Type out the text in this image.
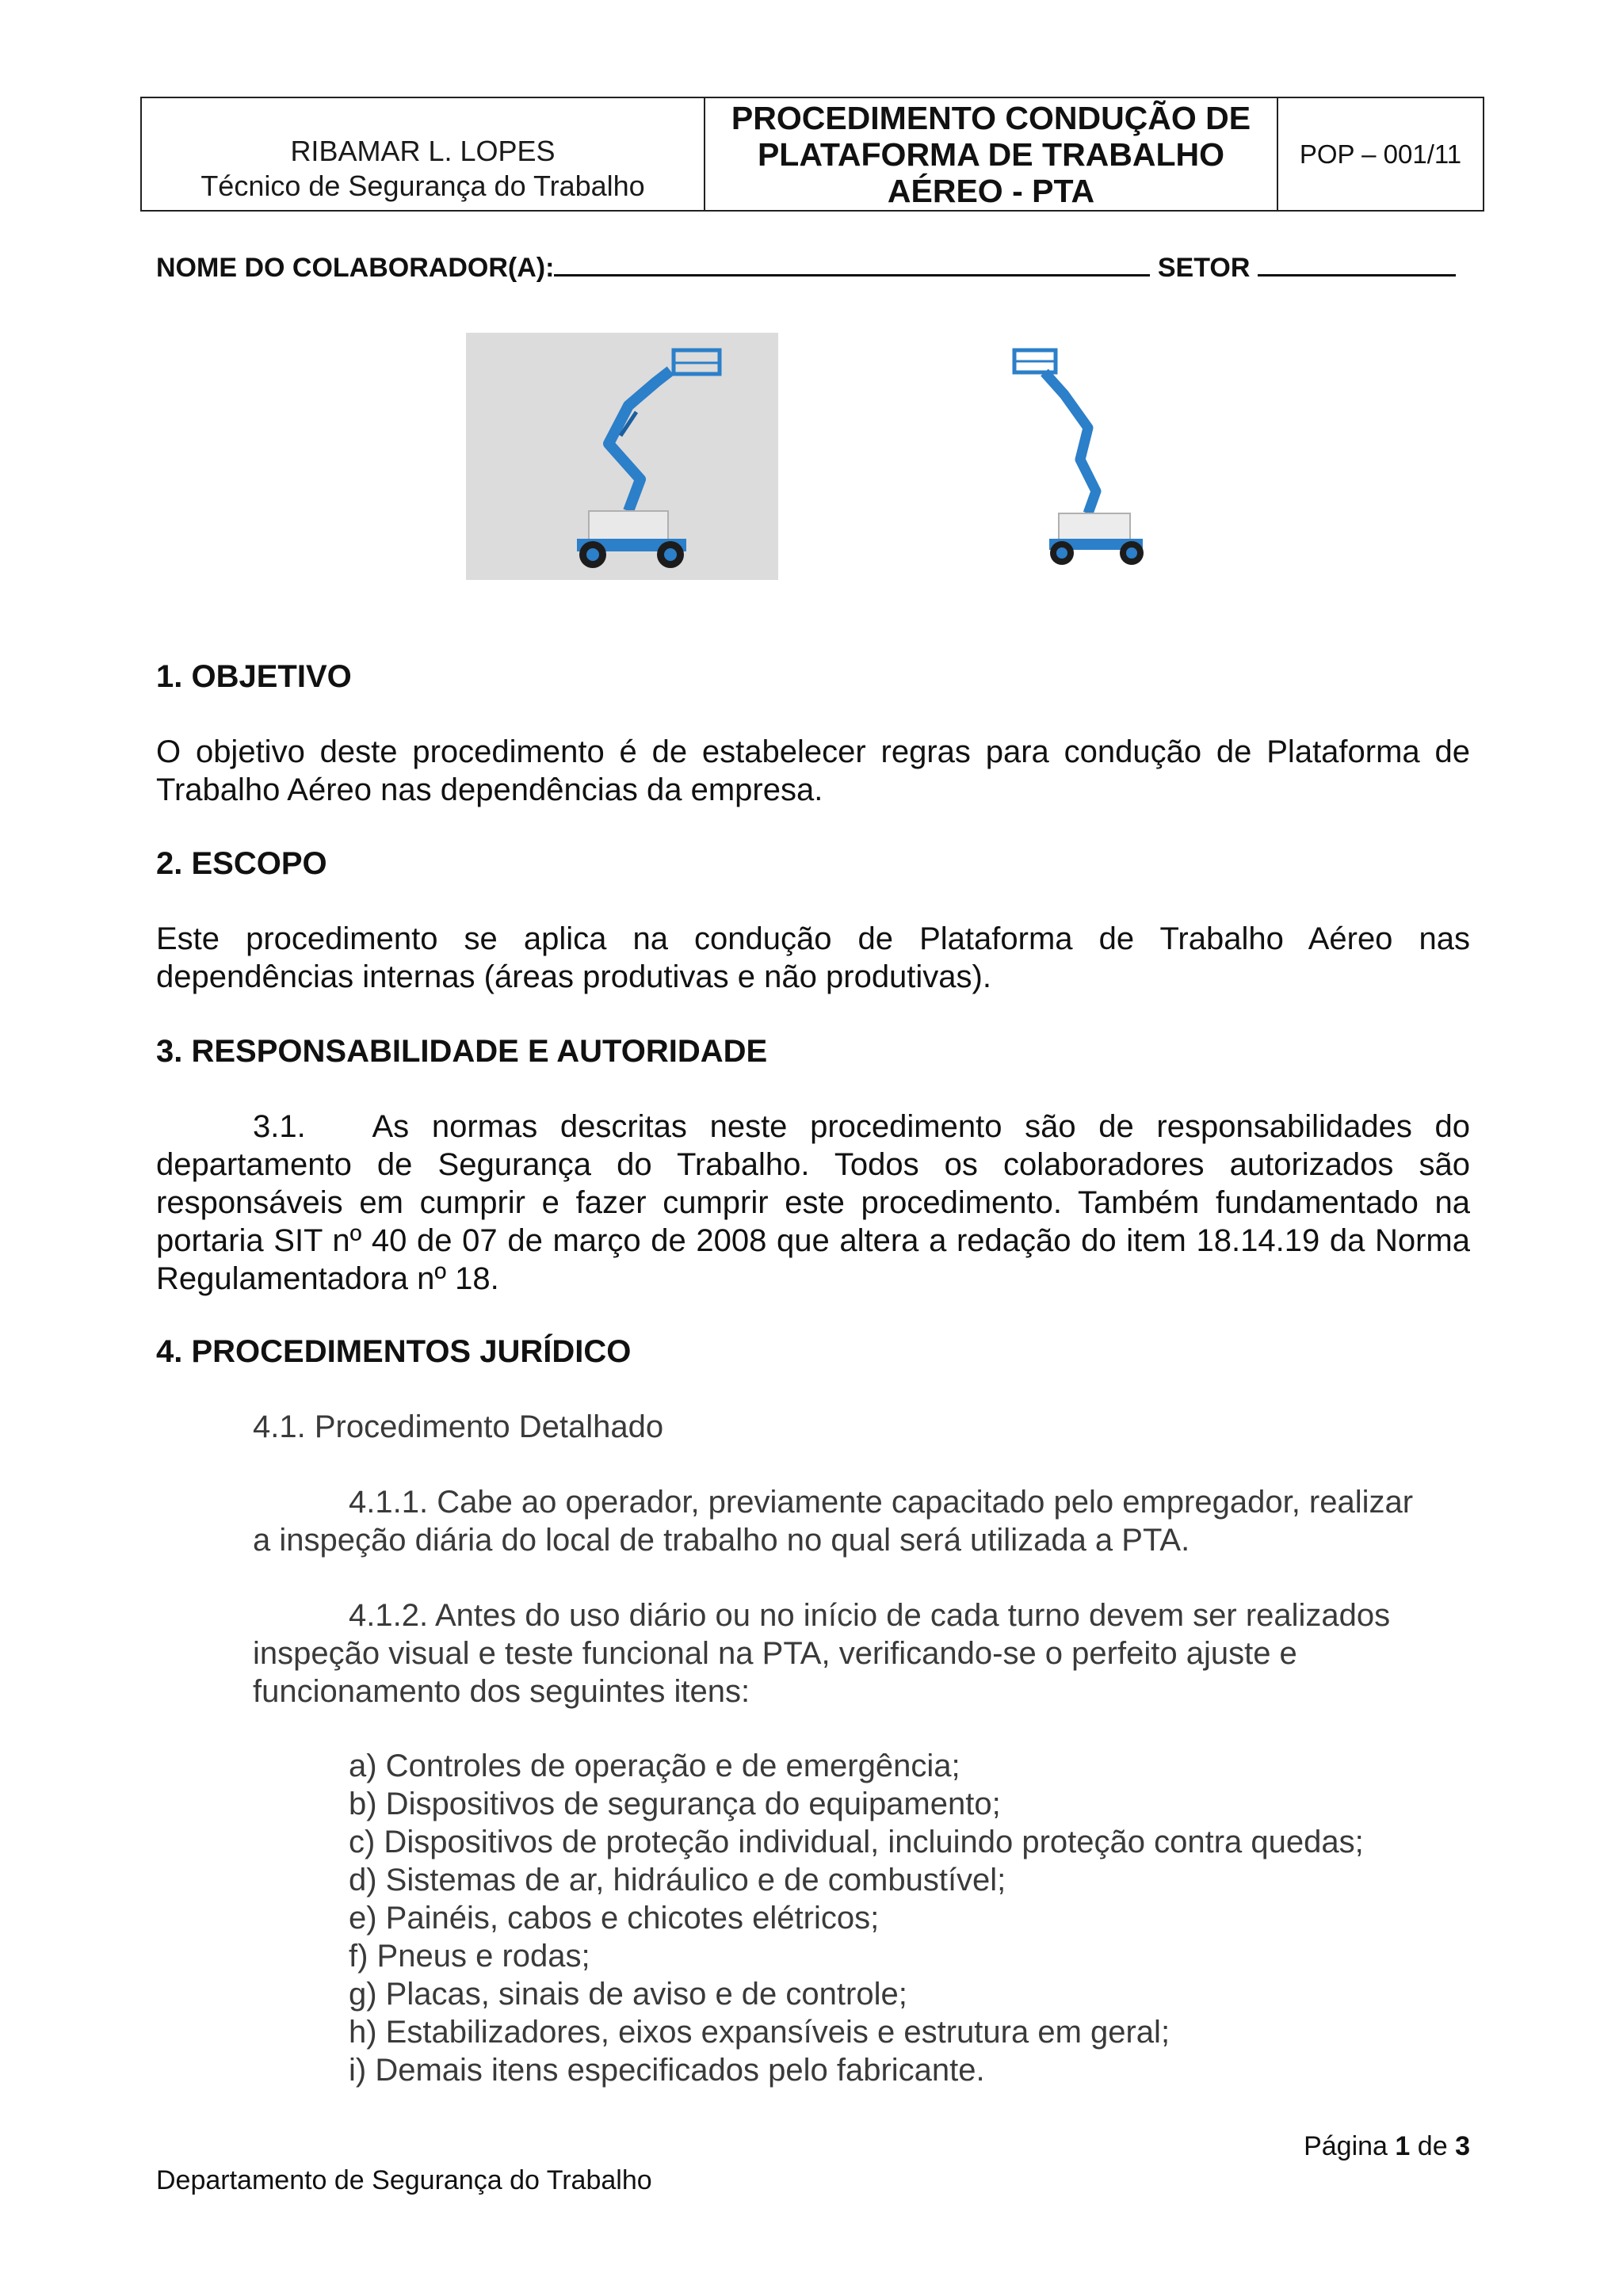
RIBAMAR L. LOPES
Técnico de Segurança do Trabalho
PROCEDIMENTO CONDUÇÃO DE
PLATAFORMA DE TRABALHO
AÉREO - PTA
POP – 001/11
NOME DO COLABORADOR(A):	SETOR
1. OBJETIVO
O objetivo deste procedimento é de estabelecer regras para condução de Plataforma de Trabalho Aéreo nas dependências da empresa.
2. ESCOPO
Este procedimento se aplica na condução de Plataforma de Trabalho Aéreo nas dependências internas (áreas produtivas e não produtivas).
3. RESPONSABILIDADE E AUTORIDADE
3.1.   As normas descritas neste procedimento são de responsabilidades do departamento de Segurança do Trabalho. Todos os colaboradores autorizados são responsáveis em cumprir e fazer cumprir este procedimento. Também fundamentado na portaria SIT nº 40 de 07 de março de 2008 que altera a redação do item 18.14.19 da Norma Regulamentadora nº 18.
4. PROCEDIMENTOS JURÍDICO
4.1. Procedimento Detalhado
4.1.1. Cabe ao operador, previamente capacitado pelo empregador, realizar
a inspeção diária do local de trabalho no qual será utilizada a PTA.
4.1.2. Antes do uso diário ou no início de cada turno devem ser realizados
inspeção visual e teste funcional na PTA, verificando-se o perfeito ajuste e
funcionamento dos seguintes itens:
a) Controles de operação e de emergência;
b) Dispositivos de segurança do equipamento;
c) Dispositivos de proteção individual, incluindo proteção contra quedas;
d) Sistemas de ar, hidráulico e de combustível;
e) Painéis, cabos e chicotes elétricos;
f) Pneus e rodas;
g) Placas, sinais de aviso e de controle;
h) Estabilizadores, eixos expansíveis e estrutura em geral;
i) Demais itens especificados pelo fabricante.
Página 1 de 3
Departamento de Segurança do Trabalho
